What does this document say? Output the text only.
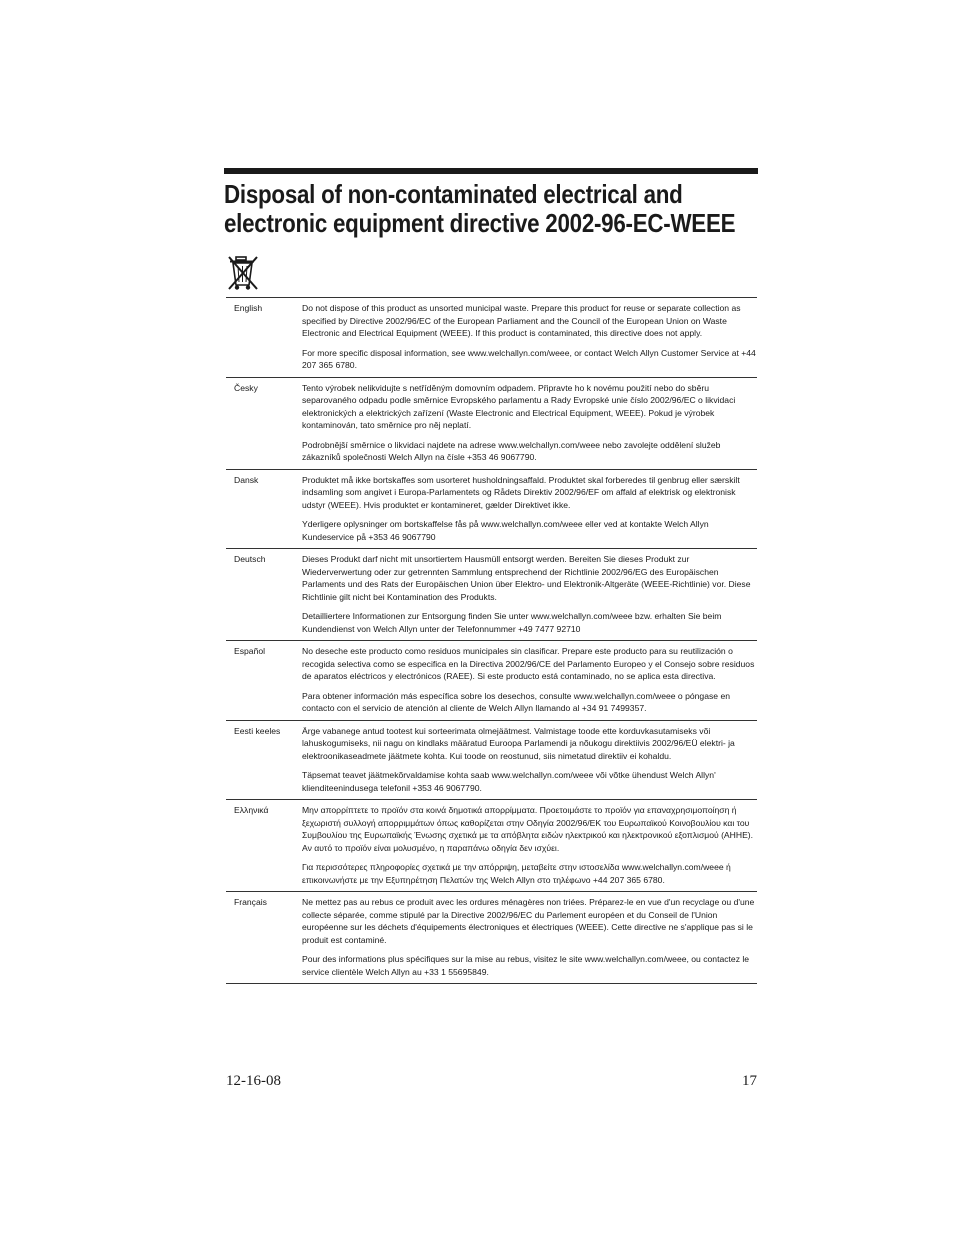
Disposal of non-contaminated electrical and
electronic equipment directive 2002-96-EC-WEEE
English	Do not dispose of this product as unsorted municipal waste. Prepare this product for reuse or separate collection as specified by Directive 2002/96/EC of the European Parliament and the Council of the European Union on Waste Electronic and Electrical Equipment (WEEE). If this product is contaminated, this directive does not apply.

For more specific disposal information, see www.welchallyn.com/weee, or contact Welch Allyn Customer Service at +44 207 365 6780.

Česky	Tento výrobek nelikvidujte s netříděným domovním odpadem. Připravte ho k novému použití nebo do sběru separovaného odpadu podle směrnice Evropského parlamentu a Rady Evropské unie číslo 2002/96/EC o likvidaci elektronických a elektrických zařízení (Waste Electronic and Electrical Equipment, WEEE). Pokud je výrobek kontaminován, tato směrnice pro něj neplatí.

Podrobnější směrnice o likvidaci najdete na adrese www.welchallyn.com/weee nebo zavolejte oddělení služeb zákazníků společnosti Welch Allyn na čísle +353 46 9067790.

Dansk	Produktet må ikke bortskaffes som usorteret husholdningsaffald. Produktet skal forberedes til genbrug eller særskilt indsamling som angivet i Europa-Parlamentets og Rådets Direktiv 2002/96/EF om affald af elektrisk og elektronisk udstyr (WEEE). Hvis produktet er kontamineret, gælder Direktivet ikke.

Yderligere oplysninger om bortskaffelse fås på www.welchallyn.com/weee eller ved at kontakte Welch Allyn Kundeservice på +353 46 9067790

Deutsch	Dieses Produkt darf nicht mit unsortiertem Hausmüll entsorgt werden. Bereiten Sie dieses Produkt zur Wiederverwertung oder zur getrennten Sammlung entsprechend der Richtlinie 2002/96/EG des Europäischen Parlaments und des Rats der Europäischen Union über Elektro- und Elektronik-Altgeräte (WEEE-Richtlinie) vor. Diese Richtlinie gilt nicht bei Kontamination des Produkts.

Detailliertere Informationen zur Entsorgung finden Sie unter www.welchallyn.com/weee bzw. erhalten Sie beim Kundendienst von Welch Allyn unter der Telefonnummer +49 7477 92710

Español	No deseche este producto como residuos municipales sin clasificar. Prepare este producto para su reutilización o recogida selectiva como se especifica en la Directiva 2002/96/CE del Parlamento Europeo y el Consejo sobre residuos de aparatos eléctricos y electrónicos (RAEE). Si este producto está contaminado, no se aplica esta directiva.

Para obtener información más específica sobre los desechos, consulte www.welchallyn.com/weee o póngase en contacto con el servicio de atención al cliente de Welch Allyn llamando al +34 91 7499357.

Eesti keeles	Ärge vabanege antud tootest kui sorteerimata olmejäätmest. Valmistage toode ette korduvkasutamiseks või lahuskogumiseks, nii nagu on kindlaks määratud Euroopa Parlamendi ja nõukogu direktiivis 2002/96/EÜ elektri- ja elektroonikaseadmete jäätmete kohta. Kui toode on reostunud, siis nimetatud direktiiv ei kohaldu.

Täpsemat teavet jäätmekõrvaldamise kohta saab www.welchallyn.com/weee või võtke ühendust Welch Allyn' klienditeenindusega telefonil +353 46 9067790.

Ελληνικά	Μην απορρίπτετε το προϊόν στα κοινά δημοτικά απορρίμματα. Προετοιμάστε το προϊόν για επαναχρησιμοποίηση ή ξεχωριστή συλλογή απορριμμάτων όπως καθορίζεται στην Οδηγία 2002/96/ΕΚ του Ευρωπαϊκού Κοινοβουλίου και του Συμβουλίου της Ευρωπαϊκής Ένωσης σχετικά με τα απόβλητα ειδών ηλεκτρικού και ηλεκτρονικού εξοπλισμού (ΑΗΗΕ). Αν αυτό το προϊόν είναι μολυσμένο, η παραπάνω οδηγία δεν ισχύει.

Για περισσότερες πληροφορίες σχετικά με την απόρριψη, μεταβείτε στην ιστοσελίδα www.welchallyn.com/weee ή επικοινωνήστε με την Εξυπηρέτηση Πελατών της Welch Allyn στο τηλέφωνο +44 207 365 6780.

Français	Ne mettez pas au rebus ce produit avec les ordures ménagères non triées. Préparez-le en vue d'un recyclage ou d'une collecte séparée, comme stipulé par la Directive 2002/96/EC du Parlement européen et du Conseil de l'Union européenne sur les déchets d'équipements électroniques et électriques (WEEE). Cette directive ne s'applique pas si le produit est contaminé.

Pour des informations plus spécifiques sur la mise au rebus, visitez le site www.welchallyn.com/weee, ou contactez le service clientèle Welch Allyn au +33 1 55695849.

12-16-08	17
